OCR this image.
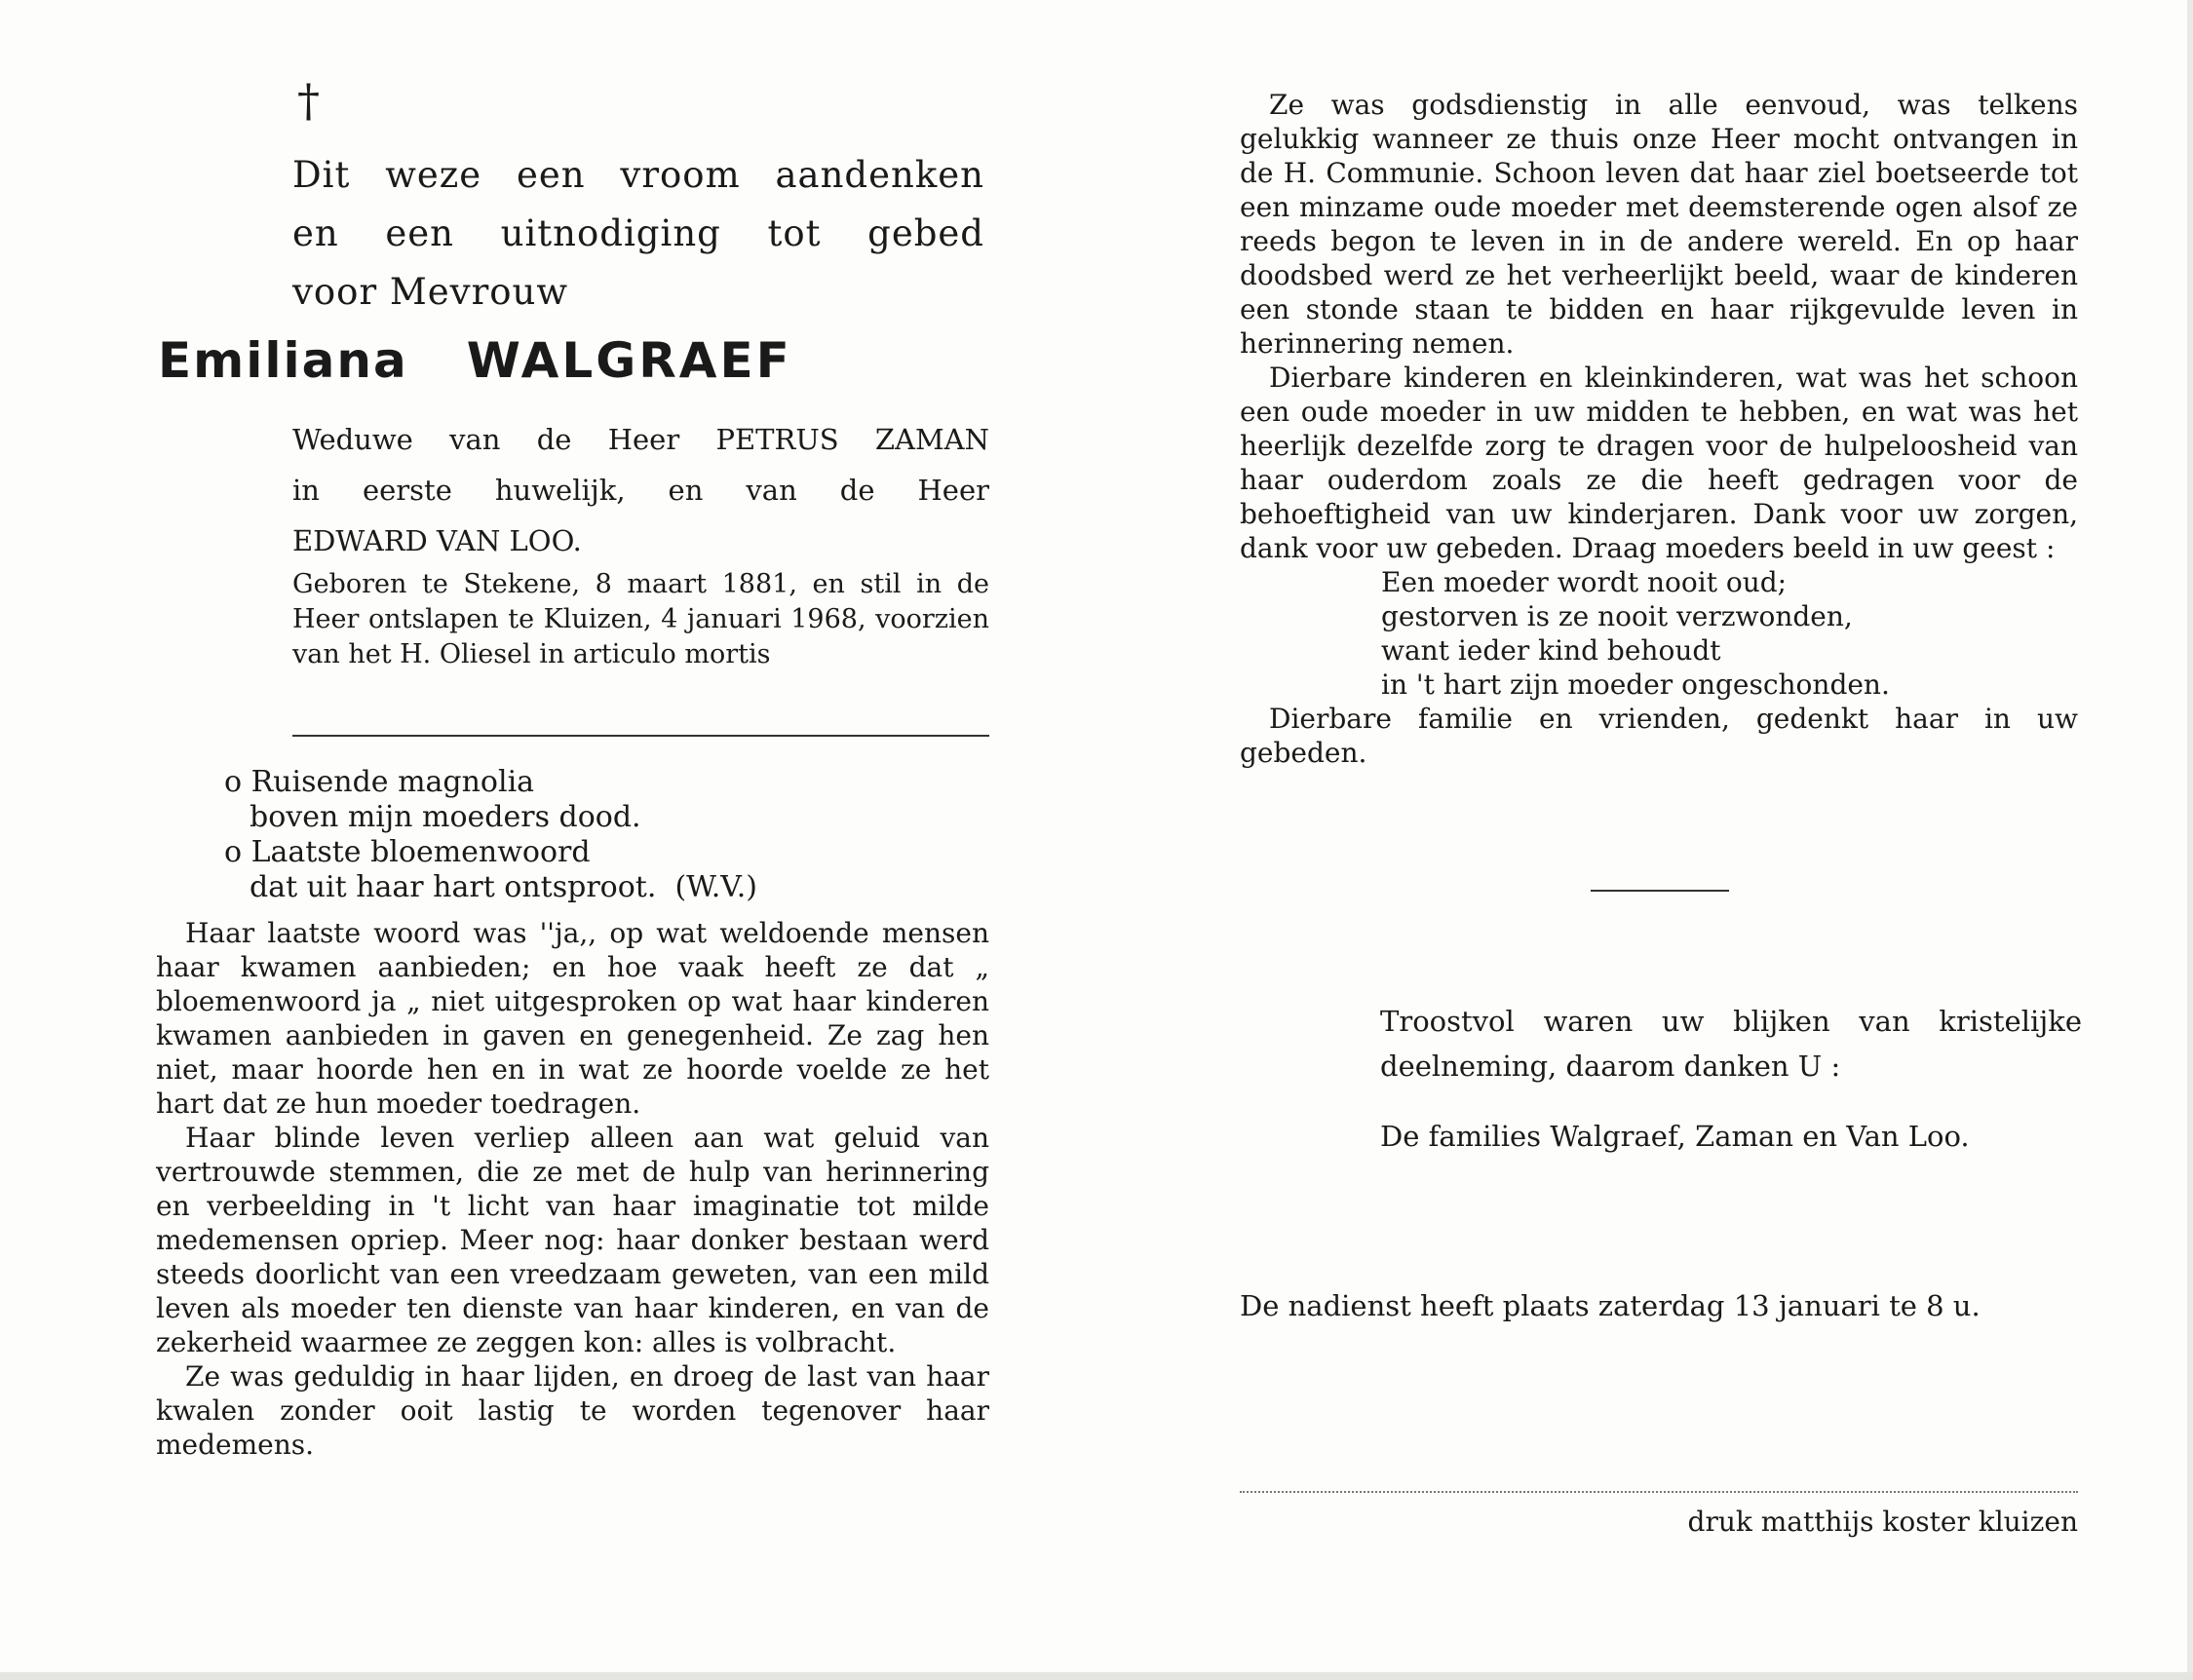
†
Dit weze een vroom aandenken
en een uitnodiging tot gebed
voor Mevrouw
Emiliana WALGRAEF
Weduwe van de Heer PETRUS ZAMAN
in eerste huwelijk, en van de Heer
EDWARD VAN LOO.
Geboren te Stekene, 8 maart 1881, en stil in de Heer ontslapen te Kluizen, 4 januari 1968, voorzien van het H. Oliesel in articulo mortis
o Ruisende magnolia
boven mijn moeders dood.
o Laatste bloemenwoord
dat uit haar hart ontsproot.  (W.V.)

Haar laatste woord was ''ja,, op wat weldoende mensen haar kwamen aanbieden; en hoe vaak heeft ze dat „ bloemenwoord ja „ niet uitgesproken op wat haar kinderen kwamen aanbieden in gaven en genegenheid. Ze zag hen niet, maar hoorde hen en in wat ze hoorde voelde ze het hart dat ze hun moeder toedragen.

Haar blinde leven verliep alleen aan wat geluid van vertrouwde stemmen, die ze met de hulp van herinnering en verbeelding in 't licht van haar imaginatie tot milde medemensen opriep. Meer nog: haar donker bestaan werd steeds doorlicht van een vreedzaam geweten, van een mild leven als moeder ten dienste van haar kinderen, en van de zekerheid waarmee ze zeggen kon: alles is volbracht.

Ze was geduldig in haar lijden, en droeg de last van haar kwalen zonder ooit lastig te worden tegenover haar medemens.

Ze was godsdienstig in alle eenvoud, was telkens gelukkig wanneer ze thuis onze Heer mocht ontvangen in de H. Communie. Schoon leven dat haar ziel boetseerde tot een minzame oude moeder met deemsterende ogen alsof ze reeds begon te leven in in de andere wereld. En op haar doodsbed werd ze het verheerlijkt beeld, waar de kinderen een stonde staan te bidden en haar rijkgevulde leven in herinnering nemen.

Dierbare kinderen en kleinkinderen, wat was het schoon een oude moeder in uw midden te hebben, en wat was het heerlijk dezelfde zorg te dragen voor de hulpeloosheid van haar ouderdom zoals ze die heeft gedragen voor de behoeftigheid van uw kinderjaren. Dank voor uw zorgen, dank voor uw gebeden. Draag moeders beeld in uw geest :

Een moeder wordt nooit oud;
gestorven is ze nooit verzwonden,
want ieder kind behoudt
in 't hart zijn moeder ongeschonden.

Dierbare familie en vrienden, gedenkt haar in uw gebeden.

Troostvol waren uw blijken van kristelijke
deelneming, daarom danken U :
De families Walgraef, Zaman en Van Loo.
De nadienst heeft plaats zaterdag 13 januari te 8 u.
druk matthijs koster kluizen
